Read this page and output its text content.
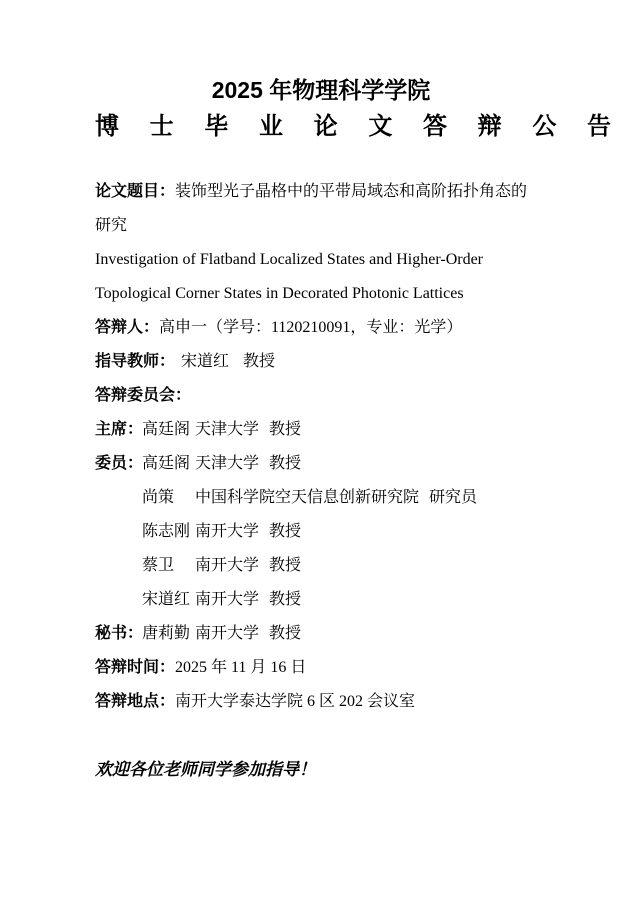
2025 年物理科学学院
博 士 毕 业 论 文 答 辩 公 告

论文题目：装饰型光子晶格中的平带局域态和高阶拓扑角态的

研究

Investigation of Flatband Localized States and Higher-Order

Topological Corner States in Decorated Photonic Lattices

答辩人：高申一（学号：1120210091，专业：光学）

指导教师： 宋道红 教授

答辩委员会：

主席：
高廷阁 天津大学 教授
委员：
高廷阁 天津大学 教授
尚策	中国科学院空天信息创新研究院 研究员
陈志刚 南开大学 教授
蔡卫	南开大学 教授
宋道红 南开大学 教授
秘书：
唐莉勤 南开大学 教授

答辩时间：2025 年 11 月 16 日

答辩地点：南开大学泰达学院 6 区 202 会议室

欢迎各位老师同学参加指导！
